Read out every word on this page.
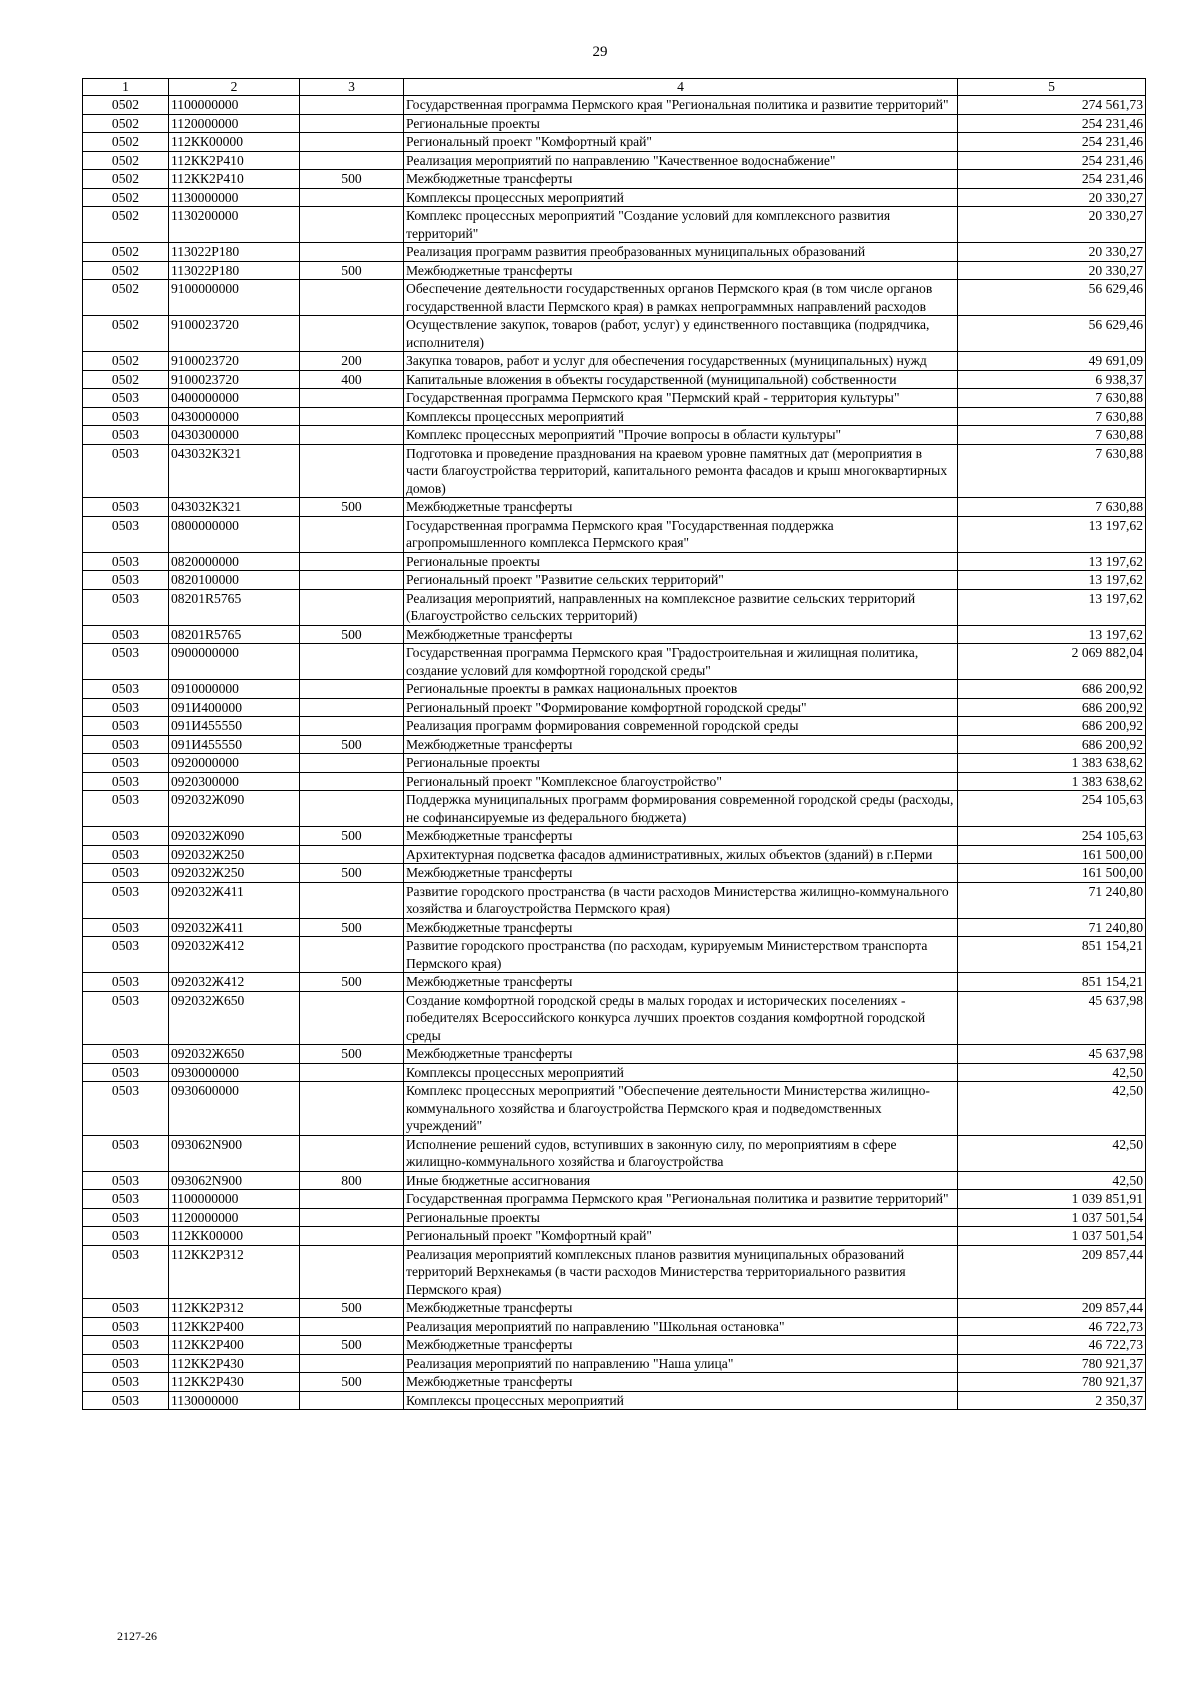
29
1	2	3	4	5
0502	1100000000		Государственная программа Пермского края "Региональная политика и развитие территорий"	274 561,73
0502	1120000000		Региональные проекты	254 231,46
0502	112КК00000		Региональный проект "Комфортный край"	254 231,46
0502	112КК2Р410		Реализация мероприятий по направлению "Качественное водоснабжение"	254 231,46
0502	112КК2Р410	500	Межбюджетные трансферты	254 231,46
0502	1130000000		Комплексы процессных мероприятий	20 330,27
0502	1130200000		Комплекс процессных мероприятий "Создание условий для комплексного развития территорий"	20 330,27
0502	113022Р180		Реализация программ развития преобразованных муниципальных образований	20 330,27
0502	113022Р180	500	Межбюджетные трансферты	20 330,27
0502	9100000000		Обеспечение деятельности государственных органов Пермского края (в том числе органов государственной власти Пермского края) в рамках непрограммных направлений расходов	56 629,46
0502	9100023720		Осуществление закупок, товаров (работ, услуг) у единственного поставщика (подрядчика, исполнителя)	56 629,46
0502	9100023720	200	Закупка товаров, работ и услуг для обеспечения государственных (муниципальных) нужд	49 691,09
0502	9100023720	400	Капитальные вложения в объекты государственной (муниципальной) собственности	6 938,37
0503	0400000000		Государственная программа Пермского края "Пермский край - территория культуры"	7 630,88
0503	0430000000		Комплексы процессных мероприятий	7 630,88
0503	0430300000		Комплекс процессных мероприятий "Прочие вопросы в области культуры"	7 630,88
0503	043032К321		Подготовка и проведение празднования на краевом уровне памятных дат (мероприятия в части благоустройства территорий, капитального ремонта фасадов и крыш многоквартирных домов)	7 630,88
0503	043032К321	500	Межбюджетные трансферты	7 630,88
0503	0800000000		Государственная программа Пермского края "Государственная поддержка агропромышленного комплекса Пермского края"	13 197,62
0503	0820000000		Региональные проекты	13 197,62
0503	0820100000		Региональный проект "Развитие сельских территорий"	13 197,62
0503	08201R5765		Реализация мероприятий, направленных на комплексное развитие сельских территорий (Благоустройство сельских территорий)	13 197,62
0503	08201R5765	500	Межбюджетные трансферты	13 197,62
0503	0900000000		Государственная программа Пермского края "Градостроительная и жилищная политика, создание условий для комфортной городской среды"	2 069 882,04
0503	0910000000		Региональные проекты в рамках национальных проектов	686 200,92
0503	091И400000		Региональный проект "Формирование комфортной городской среды"	686 200,92
0503	091И455550		Реализация программ формирования современной городской среды	686 200,92
0503	091И455550	500	Межбюджетные трансферты	686 200,92
0503	0920000000		Региональные проекты	1 383 638,62
0503	0920300000		Региональный проект "Комплексное благоустройство"	1 383 638,62
0503	092032Ж090		Поддержка муниципальных программ формирования современной городской среды (расходы, не софинансируемые из федерального бюджета)	254 105,63
0503	092032Ж090	500	Межбюджетные трансферты	254 105,63
0503	092032Ж250		Архитектурная подсветка фасадов административных, жилых объектов (зданий) в г.Перми	161 500,00
0503	092032Ж250	500	Межбюджетные трансферты	161 500,00
0503	092032Ж411		Развитие городского пространства (в части расходов Министерства жилищно-коммунального хозяйства и благоустройства Пермского края)	71 240,80
0503	092032Ж411	500	Межбюджетные трансферты	71 240,80
0503	092032Ж412		Развитие городского пространства (по расходам, курируемым Министерством транспорта Пермского края)	851 154,21
0503	092032Ж412	500	Межбюджетные трансферты	851 154,21
0503	092032Ж650		Создание комфортной городской среды в малых городах и исторических поселениях - победителях Всероссийского конкурса лучших проектов создания комфортной городской среды	45 637,98
0503	092032Ж650	500	Межбюджетные трансферты	45 637,98
0503	0930000000		Комплексы процессных мероприятий	42,50
0503	0930600000		Комплекс процессных мероприятий "Обеспечение деятельности Министерства жилищно-коммунального хозяйства и благоустройства Пермского края и подведомственных учреждений"	42,50
0503	093062N900		Исполнение решений судов, вступивших в законную силу, по мероприятиям в сфере жилищно-коммунального хозяйства и благоустройства	42,50
0503	093062N900	800	Иные бюджетные ассигнования	42,50
0503	1100000000		Государственная программа Пермского края "Региональная политика и развитие территорий"	1 039 851,91
0503	1120000000		Региональные проекты	1 037 501,54
0503	112КК00000		Региональный проект "Комфортный край"	1 037 501,54
0503	112КК2Р312		Реализация мероприятий комплексных планов развития муниципальных образований территорий Верхнекамья (в части расходов Министерства территориального развития Пермского края)	209 857,44
0503	112КК2Р312	500	Межбюджетные трансферты	209 857,44
0503	112КК2Р400		Реализация мероприятий по направлению "Школьная остановка"	46 722,73
0503	112КК2Р400	500	Межбюджетные трансферты	46 722,73
0503	112КК2Р430		Реализация мероприятий по направлению "Наша улица"	780 921,37
0503	112КК2Р430	500	Межбюджетные трансферты	780 921,37
0503	1130000000		Комплексы процессных мероприятий	2 350,37
2127-26
